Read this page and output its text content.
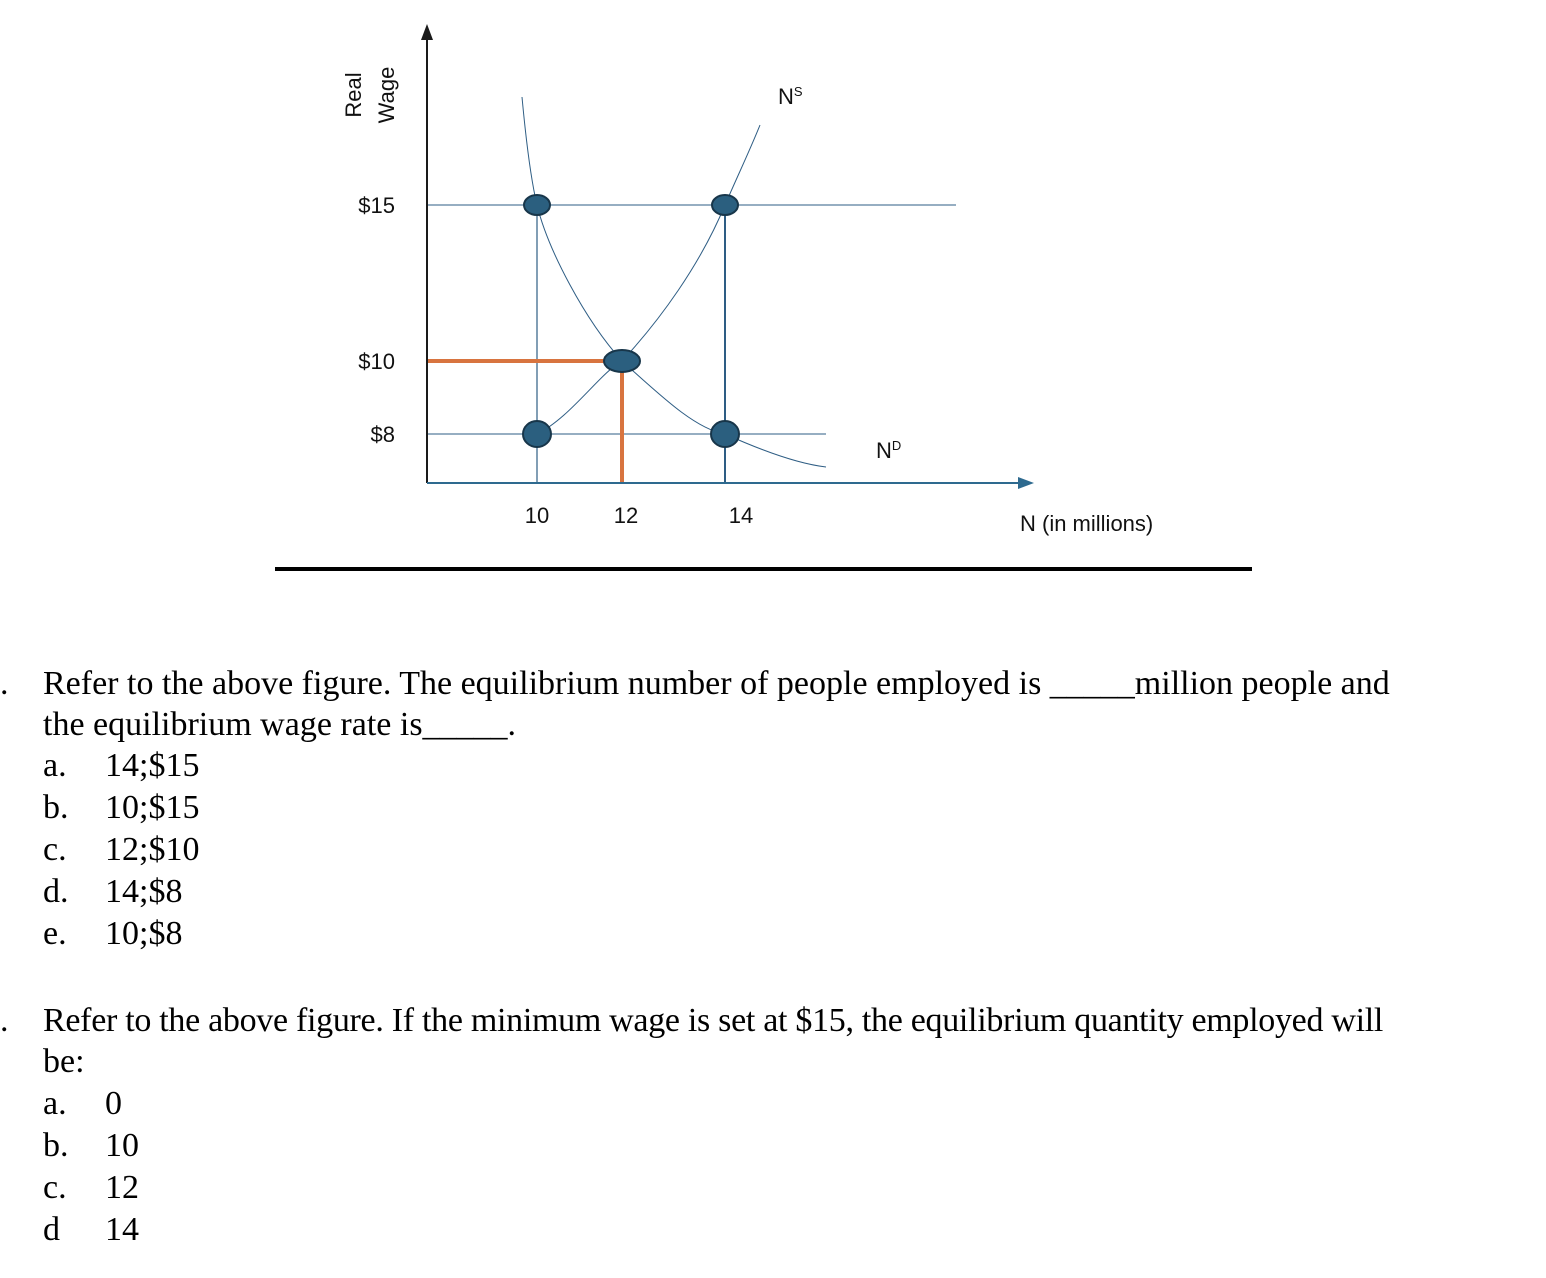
Real Wage
$15
$10
$8
10	12	14
$N^S$
$N^D$
N (in millions)
.	Refer to the above figure. The equilibrium number of people employed is _____million people and
the equilibrium wage rate is_____.
a.	14;$15
b.	10;$15
c.	12;$10
d.	14;$8
e.	10;$8
.	Refer to the above figure. If the minimum wage is set at $15, the equilibrium quantity employed will
be:
a.	0
b.	10
c.	12
d	14
